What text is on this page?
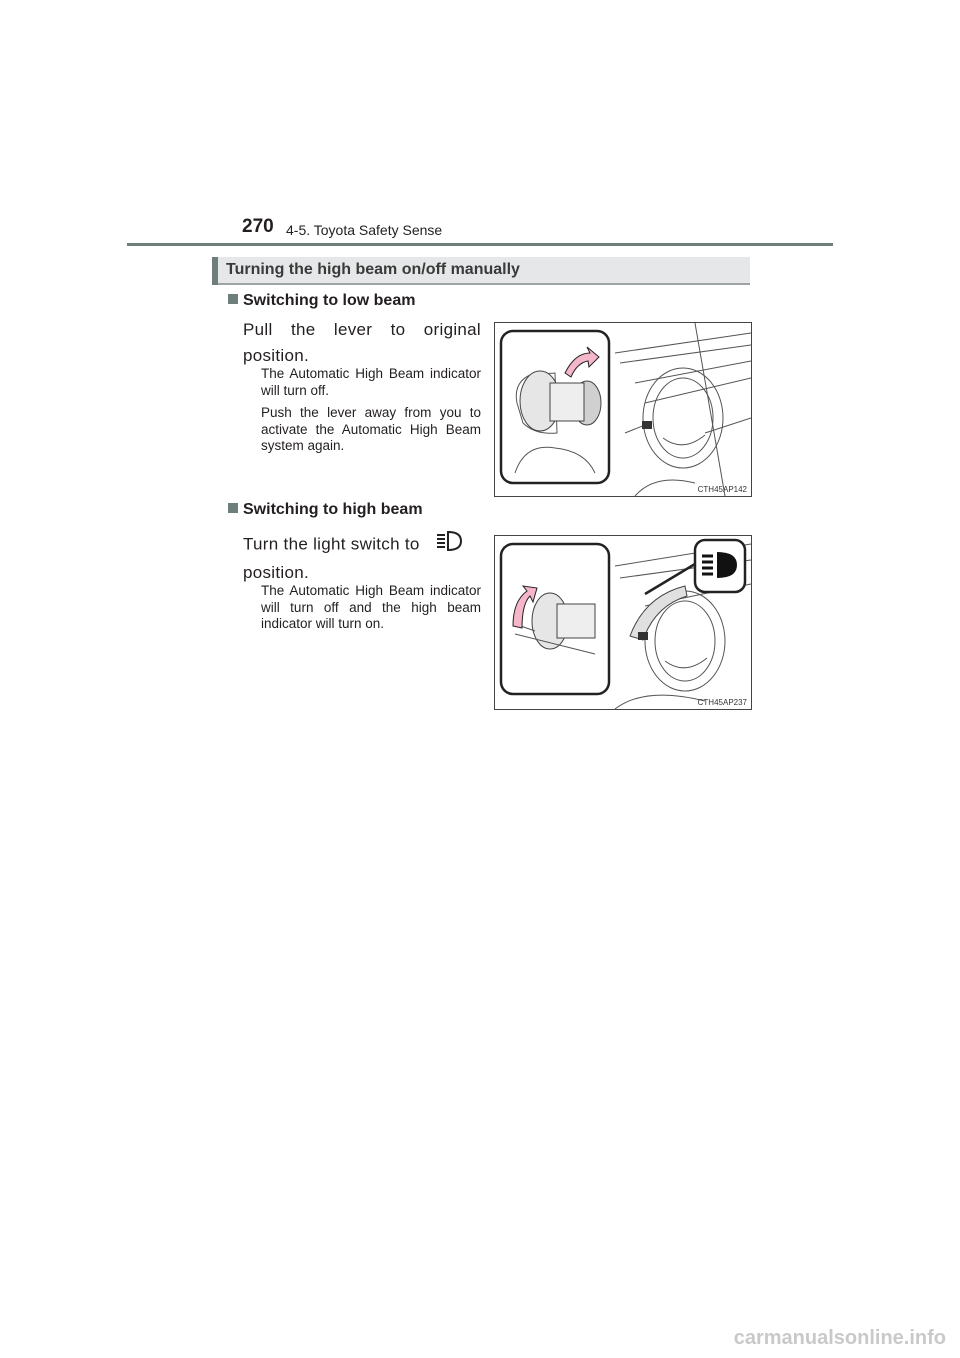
270 4-5. Toyota Safety Sense
Turning the high beam on/off manually
Switching to low beam
Pull the lever to original position.
The Automatic High Beam indicator will turn off.
Push the lever away from you to activate the Automatic High Beam system again.
CTH45AP142
Switching to high beam
Turn the light switch to
position.
The Automatic High Beam indicator will turn off and the high beam indicator will turn on.
CTH45AP237
carmanualsonline.info
